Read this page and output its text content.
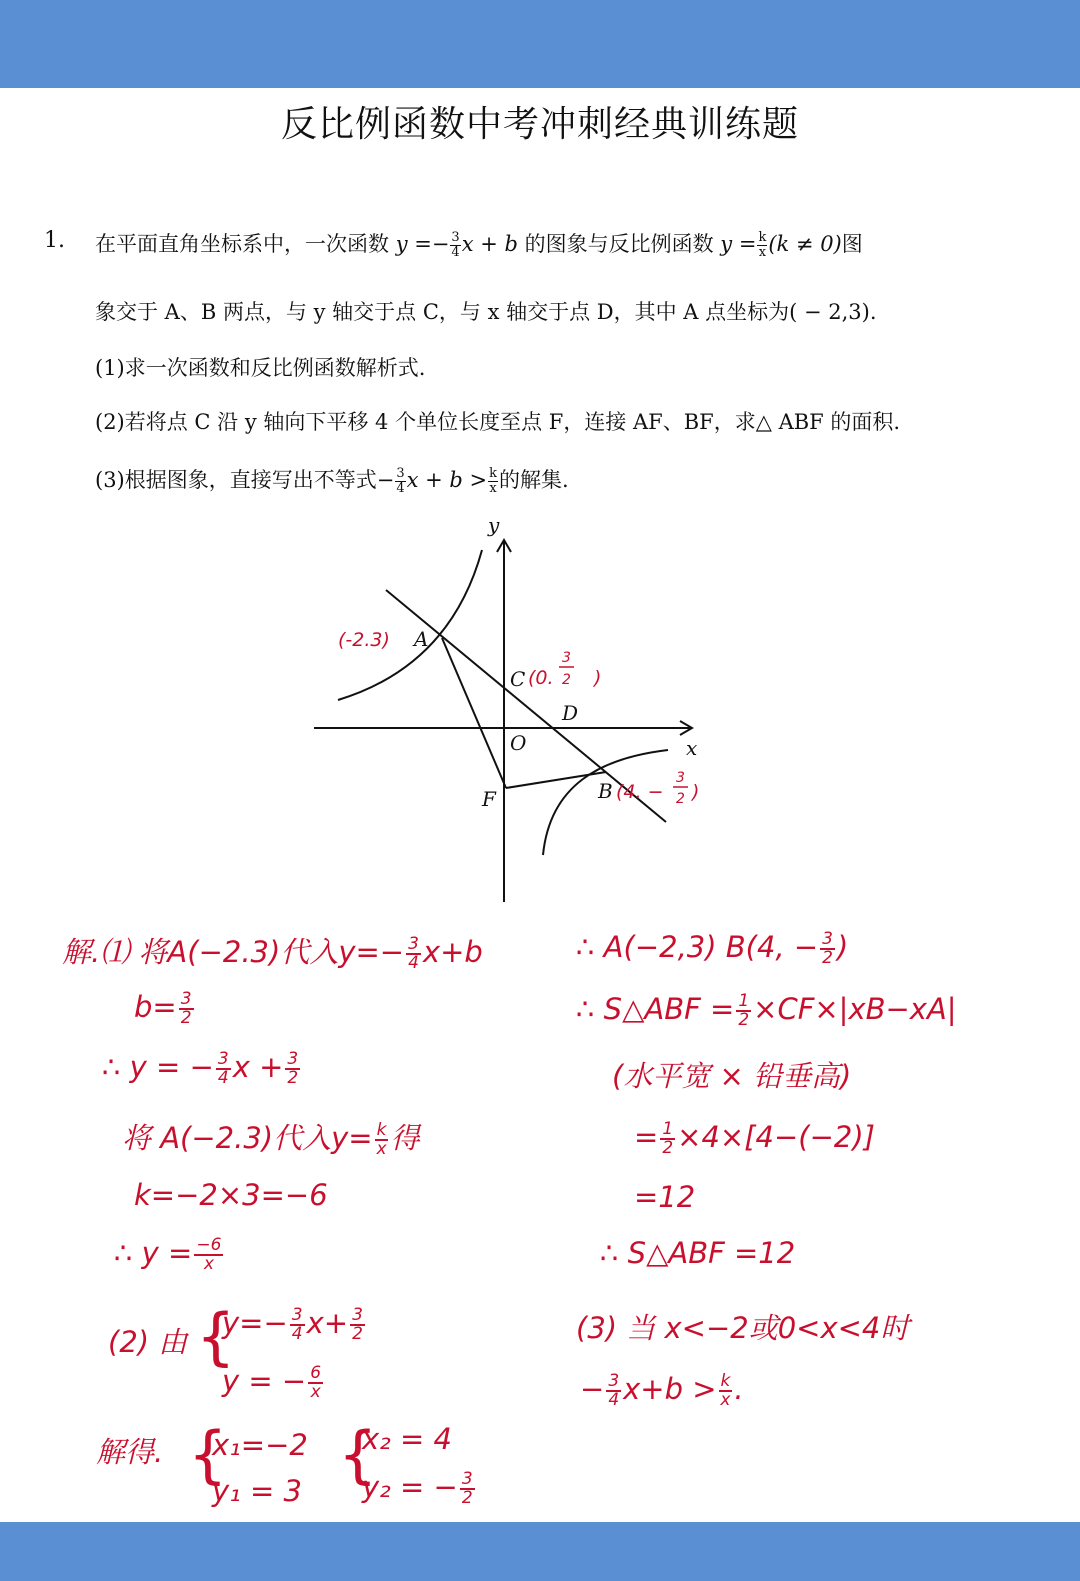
反比例函数中考冲刺经典训练题
1. 在平面直角坐标系中，一次函数 $y =- \frac{3}{4}$ x + b 的图象与反比例函数 $y = \frac{k}{x} (k \ne 0)$图
象交于 A、B 两点，与 y 轴交于点 C，与 x 轴交于点 D，其中 A 点坐标为( − 2,3).
(1)求一次函数和反比例函数解析式.
(2)若将点 C 沿 y 轴向下平移 4 个单位长度至点 F，连接 AF、BF，求△ ABF 的面积.
(3)根据图象，直接写出不等式− $\frac{3}{4}$ $x + b > \frac{k}{x}$ 的解集.
y
x
O
A
C
D
F	B
(-2.3)
(0.
3
2 )
(4. −
3
2 )
解.⑴ 将A(−2.3)代入$y=- \frac{3}{4} x+b$
$b= \frac{3}{2}$
∴ y = − $\frac{3}{4}$ $x + \frac{3}{2}$
将 A(−2.3)代入$y= \frac{k}{x}$ 得
k=−2×3=−6
∴ $y = \frac{-6}{x}$
(2) 由 {
$y=- \frac{3}{4} x+ \frac{3}{2}$
y = − $\frac{6}{x}$
解得. {
x₁=−2
y₁ = 3 {
x₂ = 4
y₂ = − $\frac{3}{2}$
∴ A(−2,3) B(4, − $\frac{3}{2}$ )
∴ S△ABF = $\frac{1}{2} \times CF\times|xB-xA|$
(水平宽 × 铅垂高)
= $\frac{1}{2} \times 4\times[4-(-2)]$
=12
∴ S△ABF =12
(3) 当 x<−2或0<x<4时
− $\frac{3}{4} x+b > \frac{k}{x}$ .
